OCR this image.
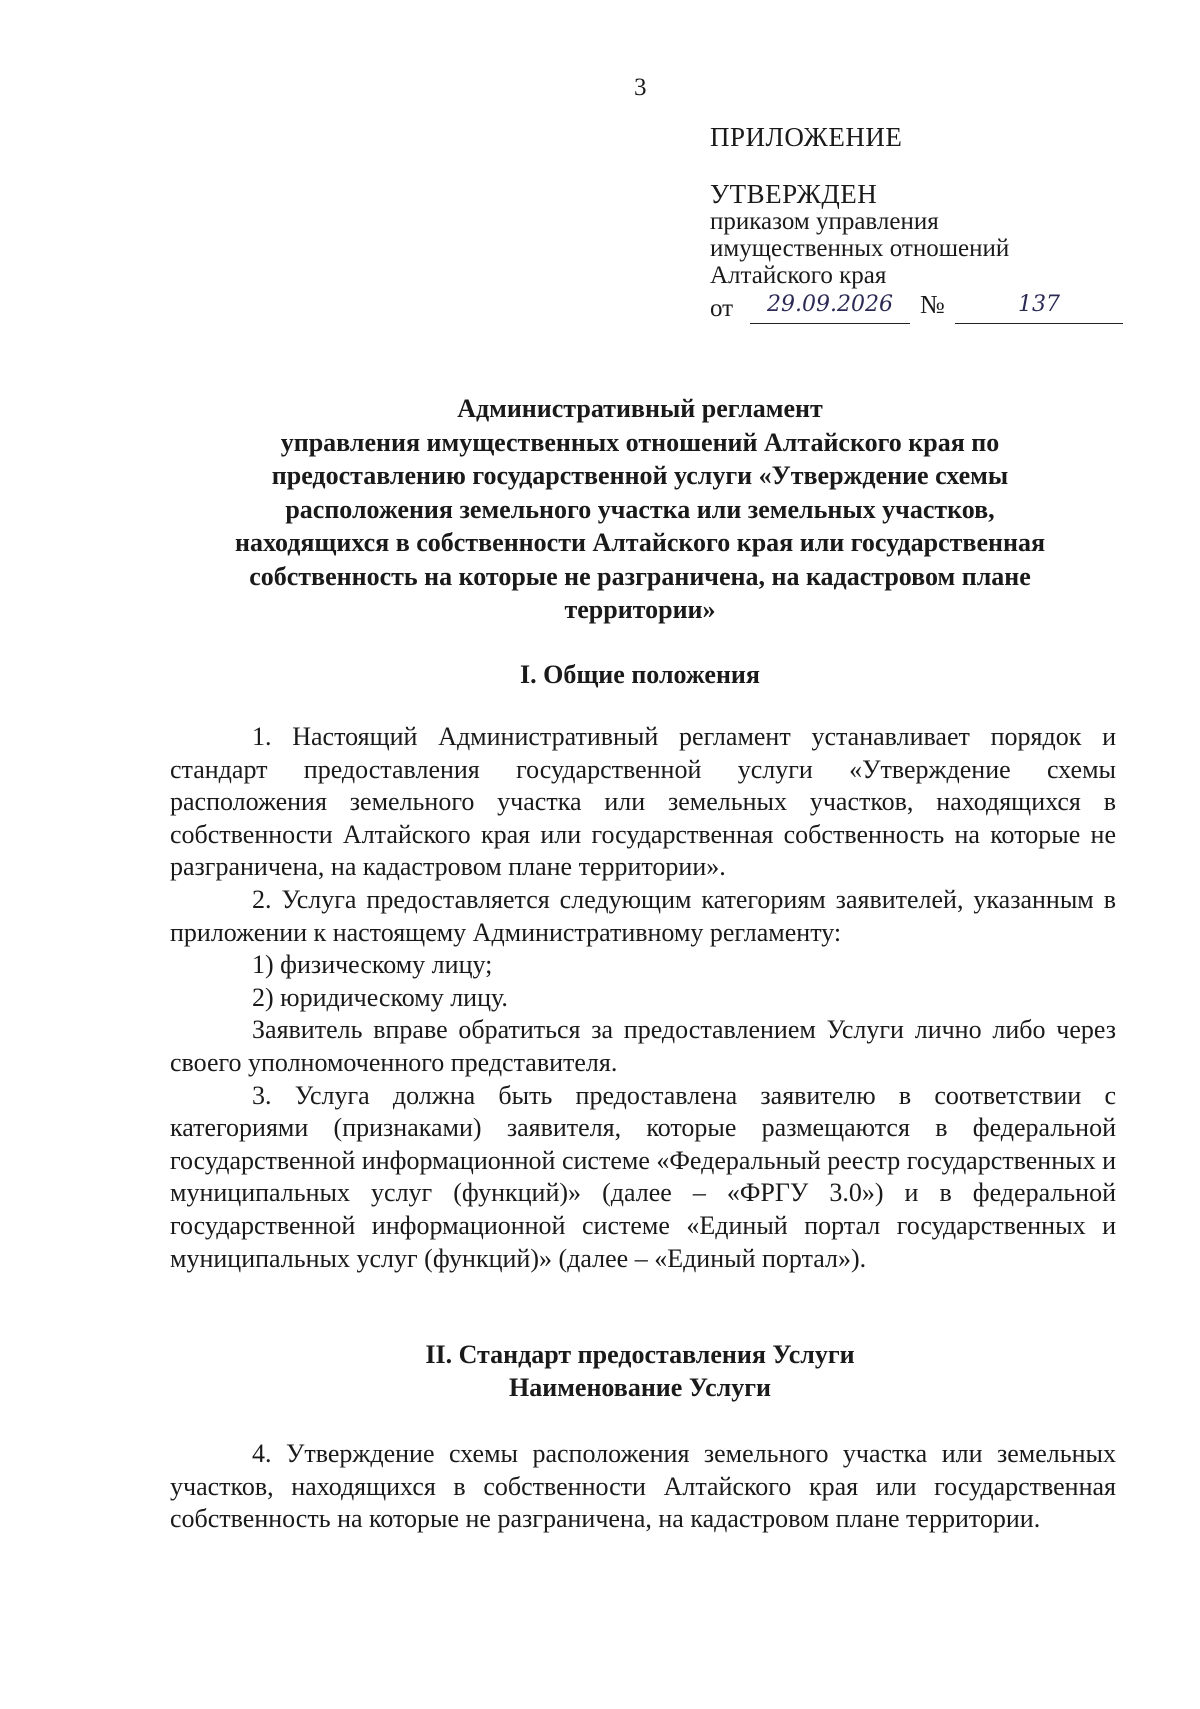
3
ПРИЛОЖЕНИЕ
УТВЕРЖДЕН
приказом управления
имущественных отношений
Алтайского края
от	29.09.2026	№	137
Административный регламент
управления имущественных отношений Алтайского края по
предоставлению государственной услуги «Утверждение схемы
расположения земельного участка или земельных участков,
находящихся в собственности Алтайского края или государственная
собственность на которые не разграничена, на кадастровом плане
территории»
I. Общие положения

1. Настоящий Административный регламент устанавливает порядок и стандарт предоставления государственной услуги «Утверждение схемы расположения земельного участка или земельных участков, находящихся в собственности Алтайского края или государственная собственность на которые не разграничена, на кадастровом плане территории».

2. Услуга предоставляется следующим категориям заявителей, указанным в приложении к настоящему Административному регламенту:

1) физическому лицу;

2) юридическому лицу.

Заявитель вправе обратиться за предоставлением Услуги лично либо через своего уполномоченного представителя.

3. Услуга должна быть предоставлена заявителю в соответствии с категориями (признаками) заявителя, которые размещаются в федеральной государственной информационной системе «Федеральный реестр государственных и муниципальных услуг (функций)» (далее – «ФРГУ 3.0») и в федеральной государственной информационной системе «Единый портал государственных и муниципальных услуг (функций)» (далее – «Единый портал»).

II. Стандарт предоставления Услуги
Наименование Услуги

4. Утверждение схемы расположения земельного участка или земельных участков, находящихся в собственности Алтайского края или государственная собственность на которые не разграничена, на кадастровом плане территории.
